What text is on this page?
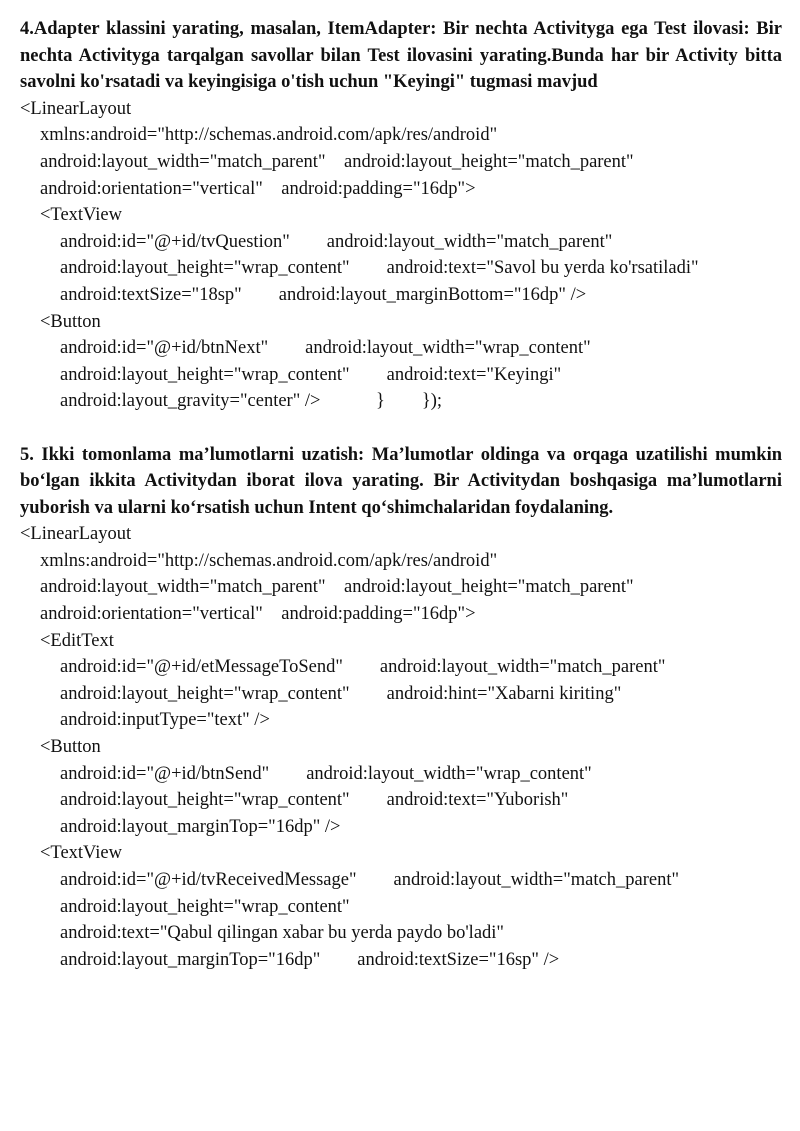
4.Adapter klassini yarating, masalan, ItemAdapter: Bir nechta Activityga ega Test ilovasi: Bir nechta Activityga tarqalgan savollar bilan Test ilovasini yarating.Bunda har bir Activity bitta savolni ko'rsatadi va keyingisiga o'tish uchun "Keyingi" tugmasi mavjud

<LinearLayout
xmlns:android="http://schemas.android.com/apk/res/android"
android:layout_width="match_parent"    android:layout_height="match_parent"
android:orientation="vertical"    android:padding="16dp">
<TextView
android:id="@+id/tvQuestion"        android:layout_width="match_parent"
android:layout_height="wrap_content"        android:text="Savol bu yerda ko'rsatiladi"
android:textSize="18sp"        android:layout_marginBottom="16dp" />
<Button
android:id="@+id/btnNext"        android:layout_width="wrap_content"
android:layout_height="wrap_content"        android:text="Keyingi"
android:layout_gravity="center" />            }        });

5. Ikki tomonlama ma’lumotlarni uzatish: Ma’lumotlar oldinga va orqaga uzatilishi mumkin bo‘lgan ikkita Activitydan iborat ilova yarating. Bir Activitydan boshqasiga ma’lumotlarni yuborish va ularni ko‘rsatish uchun Intent qo‘shimchalaridan foydalaning.

<LinearLayout
xmlns:android="http://schemas.android.com/apk/res/android"
android:layout_width="match_parent"    android:layout_height="match_parent"
android:orientation="vertical"    android:padding="16dp">
<EditText
android:id="@+id/etMessageToSend"        android:layout_width="match_parent"
android:layout_height="wrap_content"        android:hint="Xabarni kiriting"
android:inputType="text" />
<Button
android:id="@+id/btnSend"        android:layout_width="wrap_content"
android:layout_height="wrap_content"        android:text="Yuborish"
android:layout_marginTop="16dp" />
<TextView
android:id="@+id/tvReceivedMessage"        android:layout_width="match_parent"
android:layout_height="wrap_content"
android:text="Qabul qilingan xabar bu yerda paydo bo'ladi"
android:layout_marginTop="16dp"        android:textSize="16sp" />
